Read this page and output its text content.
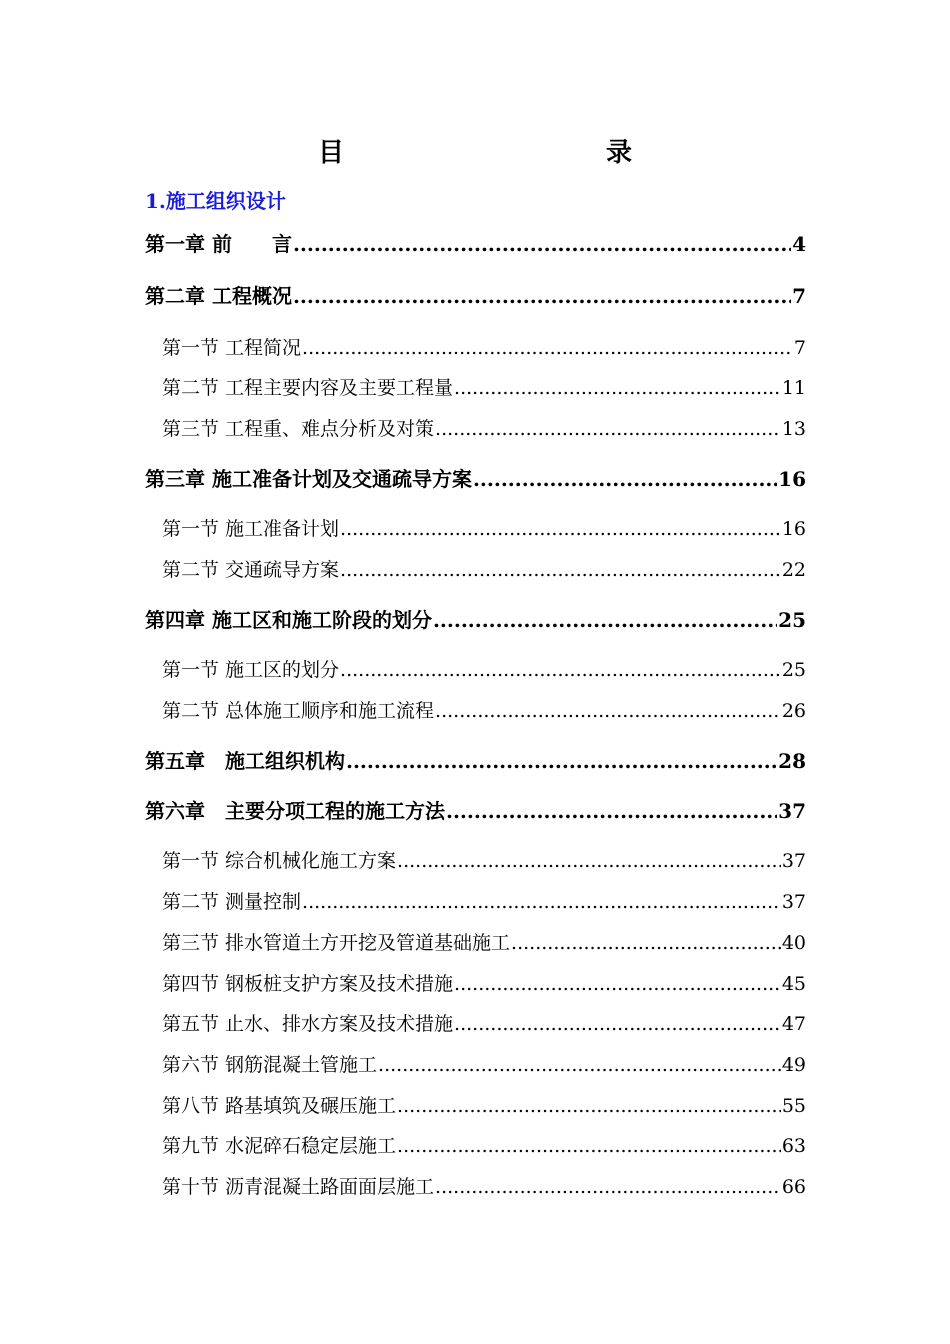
目　　录
1.施工组织设计
第一章 前　　言 .....	4
第二章 工程概况 .....	7
第一节 工程简况 .....	7
第二节 工程主要内容及主要工程量 .....	11
第三节 工程重、难点分析及对策 .....	13
第三章 施工准备计划及交通疏导方案 .....	16
第一节 施工准备计划 .....	16
第二节 交通疏导方案 .....	22
第四章 施工区和施工阶段的划分 .....	25
第一节 施工区的划分 .....	25
第二节 总体施工顺序和施工流程 .....	26
第五章　施工组织机构 .....	28
第六章　主要分项工程的施工方法 .....	37
第一节 综合机械化施工方案 .....	37
第二节 测量控制 .....	37
第三节 排水管道土方开挖及管道基础施工 .....	40
第四节 钢板桩支护方案及技术措施 .....	45
第五节 止水、排水方案及技术措施 .....	47
第六节 钢筋混凝土管施工 .....	49
第八节 路基填筑及碾压施工 .....	55
第九节 水泥碎石稳定层施工 .....	63
第十节 沥青混凝土路面面层施工 .....	66
